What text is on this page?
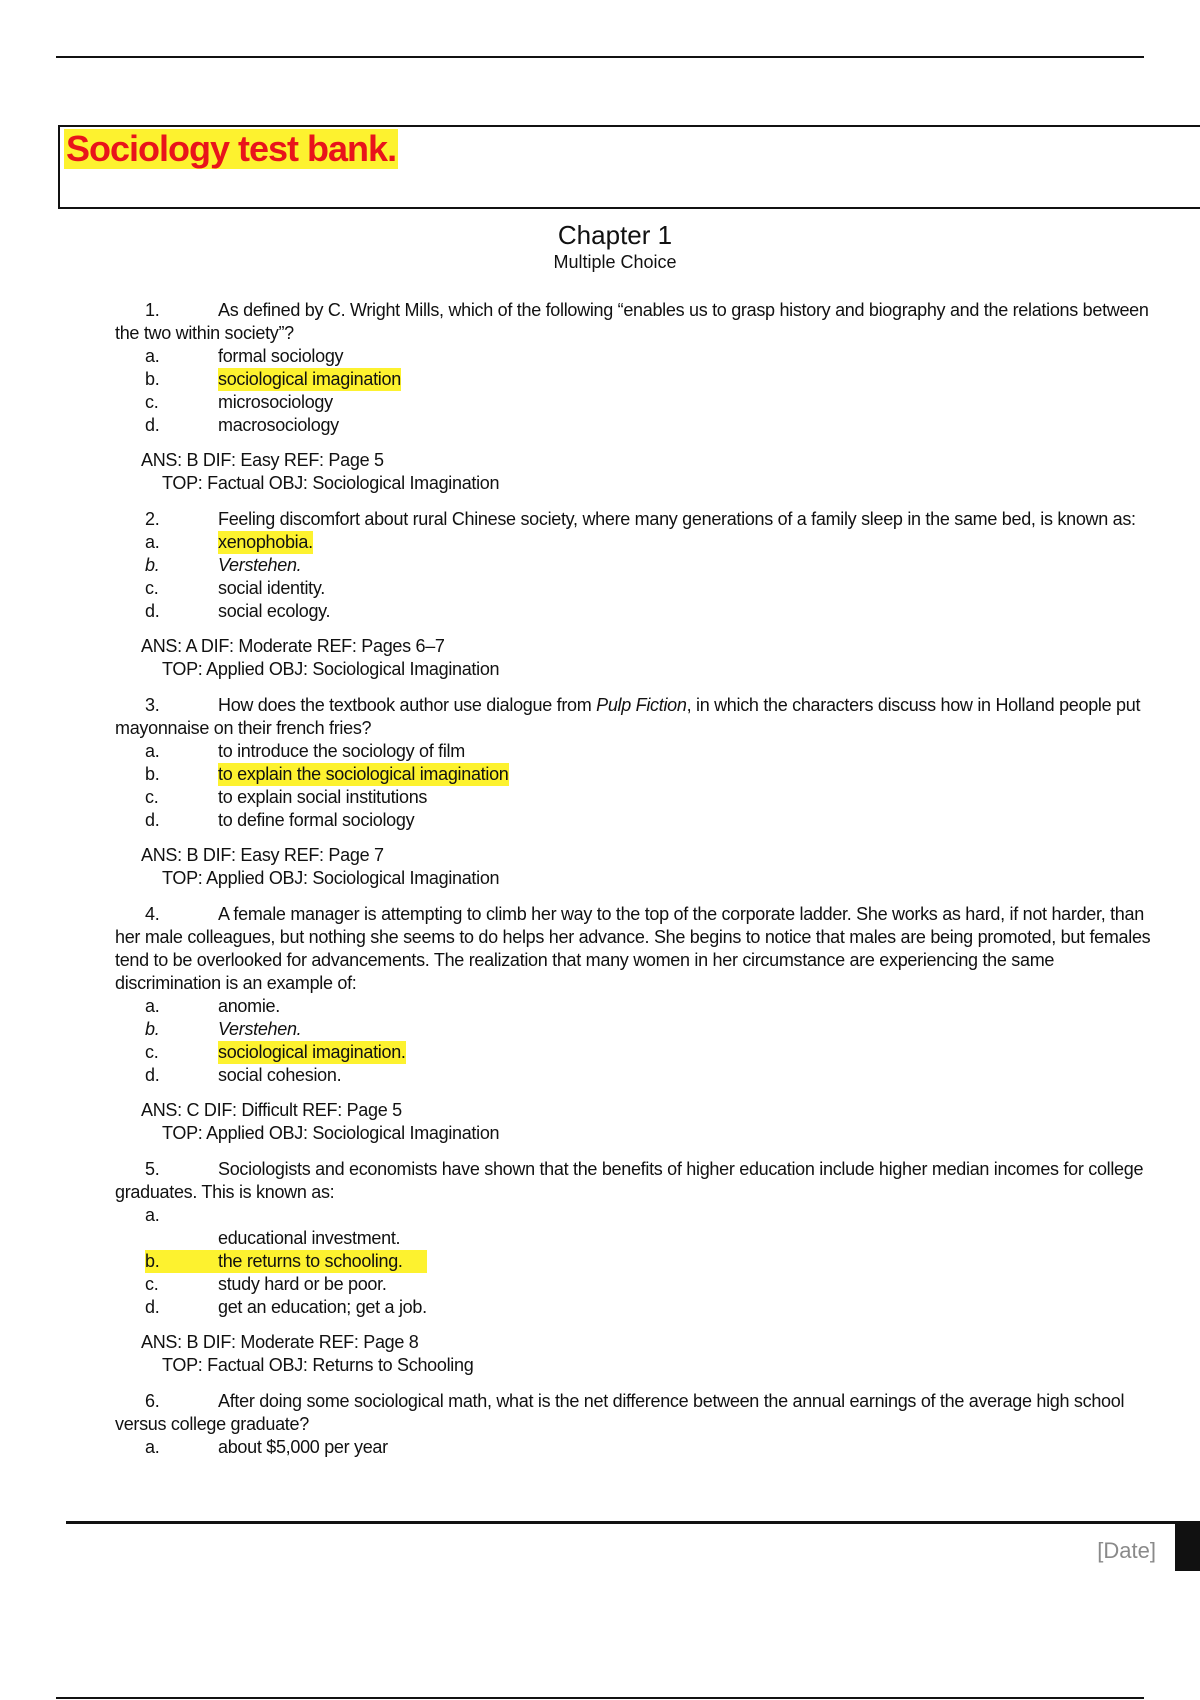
Sociology test bank.
Chapter 1
Multiple Choice
1.	As defined by C. Wright Mills, which of the following “enables us to grasp history and biography and the relations between the two within society”?
a.	formal sociology
b.	sociological imagination
c.	microsociology
d.	macrosociology
ANS: B DIF: Easy REF: Page 5
TOP: Factual OBJ: Sociological Imagination
2.	Feeling discomfort about rural Chinese society, where many generations of a family sleep in the same bed, is known as:
a.	xenophobia.
b.	Verstehen.
c.	social identity.
d.	social ecology.
ANS: A DIF: Moderate REF: Pages 6–7
TOP: Applied OBJ: Sociological Imagination
3.	How does the textbook author use dialogue from Pulp Fiction, in which the characters discuss how in Holland people put mayonnaise on their french fries?
a.	to introduce the sociology of film
b.	to explain the sociological imagination
c.	to explain social institutions
d.	to define formal sociology
ANS: B DIF: Easy REF: Page 7
TOP: Applied OBJ: Sociological Imagination
4.	A female manager is attempting to climb her way to the top of the corporate ladder. She works as hard, if not harder, than her male colleagues, but nothing she seems to do helps her advance. She begins to notice that males are being promoted, but females tend to be overlooked for advancements. The realization that many women in her circumstance are experiencing the same discrimination is an example of:
a.	anomie.
b.	Verstehen.
c.	sociological imagination.
d.	social cohesion.
ANS: C DIF: Difficult REF: Page 5
TOP: Applied OBJ: Sociological Imagination
5.	Sociologists and economists have shown that the benefits of higher education include higher median incomes for college graduates. This is known as:
a.
educational investment.
b.	the returns to schooling.
c.	study hard or be poor.
d.	get an education; get a job.
ANS: B DIF: Moderate REF: Page 8
TOP: Factual OBJ: Returns to Schooling
6.	After doing some sociological math, what is the net difference between the annual earnings of the average high school versus college graduate?
a.	about $5,000 per year
[Date]
